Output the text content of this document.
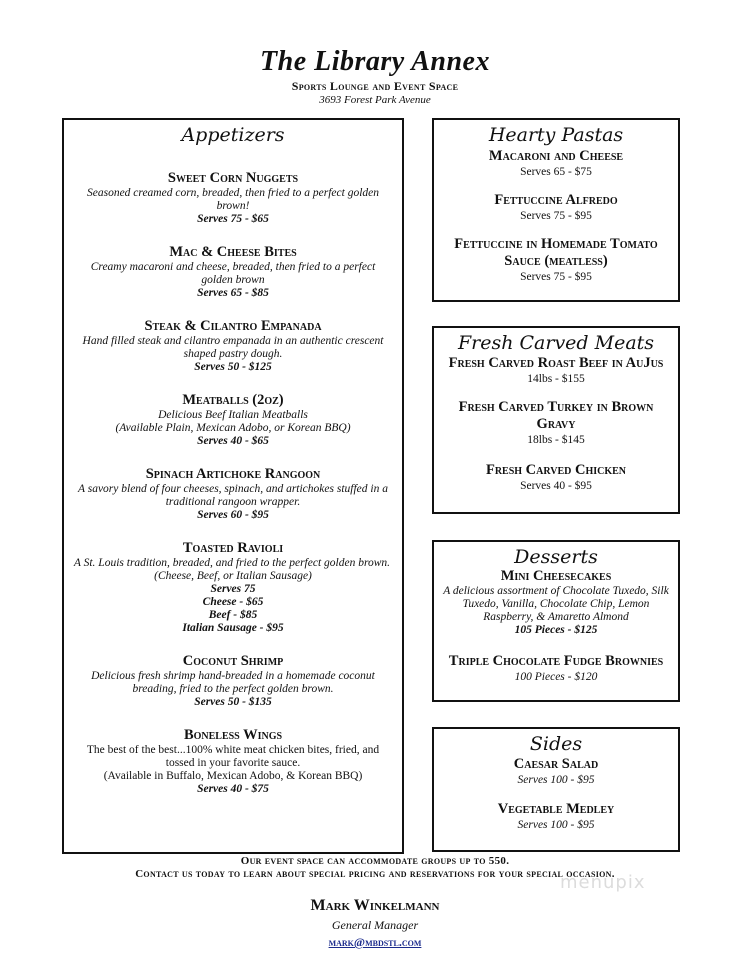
The Library Annex
Sports Lounge and Event Space
3693 Forest Park Avenue
Appetizers

Sweet Corn Nuggets

Seasoned creamed corn, breaded, then fried to a perfect golden

brown!

Serves 75 - $65

Mac & Cheese Bites

Creamy macaroni and cheese, breaded, then fried to a perfect

golden brown

Serves 65 - $85

Steak & Cilantro Empanada

Hand filled steak and cilantro empanada in an authentic crescent

shaped pastry dough.

Serves 50 - $125

Meatballs (2oz)

Delicious Beef Italian Meatballs

(Available Plain, Mexican Adobo, or Korean BBQ)

Serves 40 - $65

Spinach Artichoke Rangoon

A savory blend of four cheeses, spinach, and artichokes stuffed in a

traditional rangoon wrapper.

Serves 60 - $95

Toasted Ravioli

A St. Louis tradition, breaded, and fried to the perfect golden brown.

(Cheese, Beef, or Italian Sausage)

Serves 75

Cheese - $65

Beef - $85

Italian Sausage - $95

Coconut Shrimp

Delicious fresh shrimp hand-breaded in a homemade coconut

breading, fried to the perfect golden brown.

Serves 50 - $135

Boneless Wings

The best of the best...100% white meat chicken bites, fried, and

tossed in your favorite sauce.

(Available in Buffalo, Mexican Adobo, & Korean BBQ)

Serves 40 - $75

Hearty Pastas

Macaroni and Cheese

Serves 65 - $75

Fettuccine Alfredo

Serves 75 - $95

Fettuccine in Homemade Tomato

Sauce (meatless)

Serves 75 - $95

Fresh Carved Meats

Fresh Carved Roast Beef in AuJus

14lbs - $155

Fresh Carved Turkey in Brown

Gravy

18lbs - $145

Fresh Carved Chicken

Serves 40 - $95

Desserts

Mini Cheesecakes

A delicious assortment of Chocolate Tuxedo, Silk

Tuxedo, Vanilla, Chocolate Chip, Lemon

Raspberry, & Amaretto Almond

105 Pieces - $125

Triple Chocolate Fudge Brownies

100 Pieces - $120

Sides

Caesar Salad

Serves 100 - $95

Vegetable Medley

Serves 100 - $95

Our event space can accommodate groups up to 550.
Contact us today to learn about special pricing and reservations for your special occasion.
menupix
Mark Winkelmann
General Manager
mark@mbdstl.com
